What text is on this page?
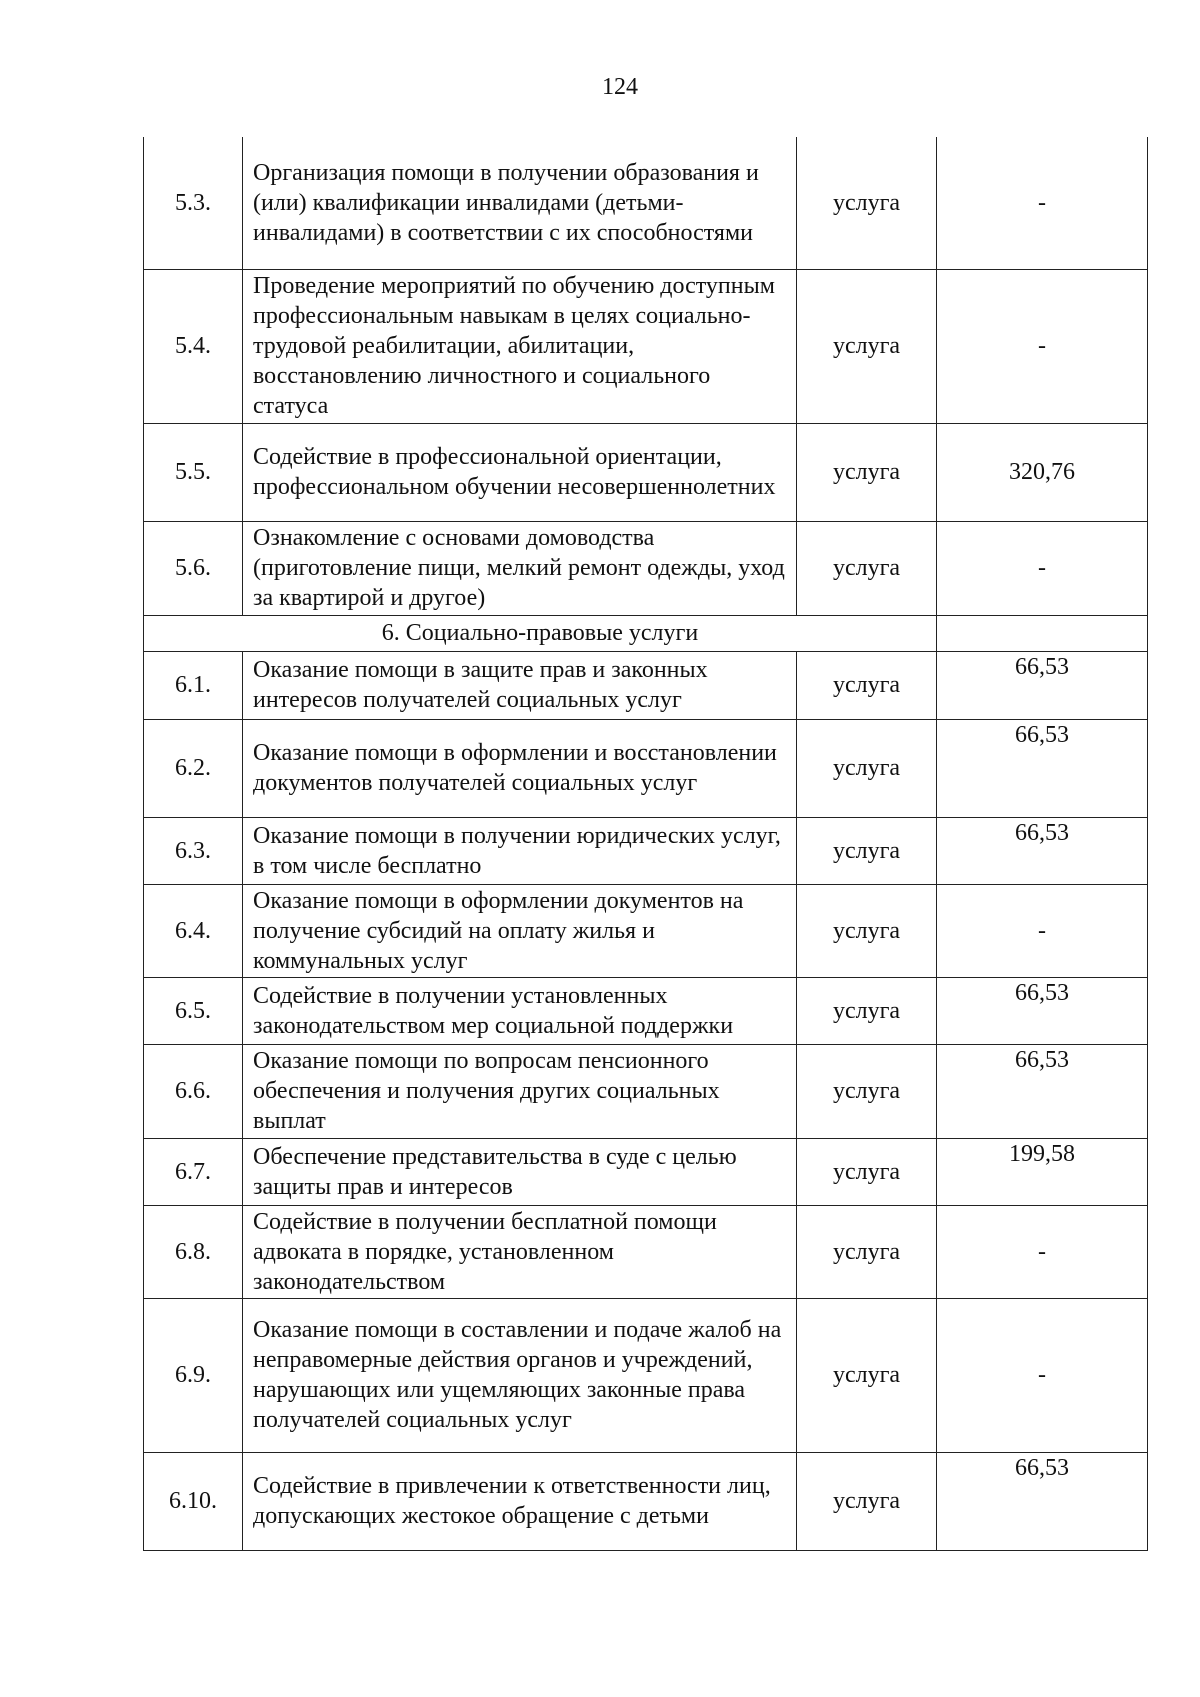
124
5.3.	Организация помощи в получении образования и (или) квалификации инвалидами (детьми-инвалидами) в соответствии с их способностями	услуга	-
5.4.	Проведение мероприятий по обучению доступным профессиональным навыкам в целях социально-трудовой реабилитации, абилитации, восстановлению личностного и социального статуса	услуга	-
5.5.	Содействие в профессиональной ориентации, профессиональном обучении несовершеннолетних	услуга	320,76
5.6.	Ознакомление с основами домоводства (приготовление пищи, мелкий ремонт одежды, уход за квартирой и другое)	услуга	-
6. Социально-правовые услуги			
6.1.	Оказание помощи в защите прав и законных интересов получателей социальных услуг	услуга	66,53
6.2.	Оказание помощи в оформлении и восстановлении документов получателей социальных услуг	услуга	66,53
6.3.	Оказание помощи в получении юридических услуг, в том числе бесплатно	услуга	66,53
6.4.	Оказание помощи в оформлении документов на получение субсидий на оплату жилья и коммунальных услуг	услуга	-
6.5.	Содействие в получении установленных законодательством мер социальной поддержки	услуга	66,53
6.6.	Оказание помощи по вопросам пенсионного обеспечения и получения других социальных выплат	услуга	66,53
6.7.	Обеспечение представительства в суде с целью защиты прав и интересов	услуга	199,58
6.8.	Содействие в получении бесплатной помощи адвоката в порядке, установленном законодательством	услуга	-
6.9.	Оказание помощи в составлении и подаче жалоб на неправомерные действия органов и учреждений, нарушающих или ущемляющих законные права получателей социальных услуг	услуга	-
6.10.	Содействие в привлечении к ответственности лиц, допускающих жестокое обращение с детьми	услуга	66,53
